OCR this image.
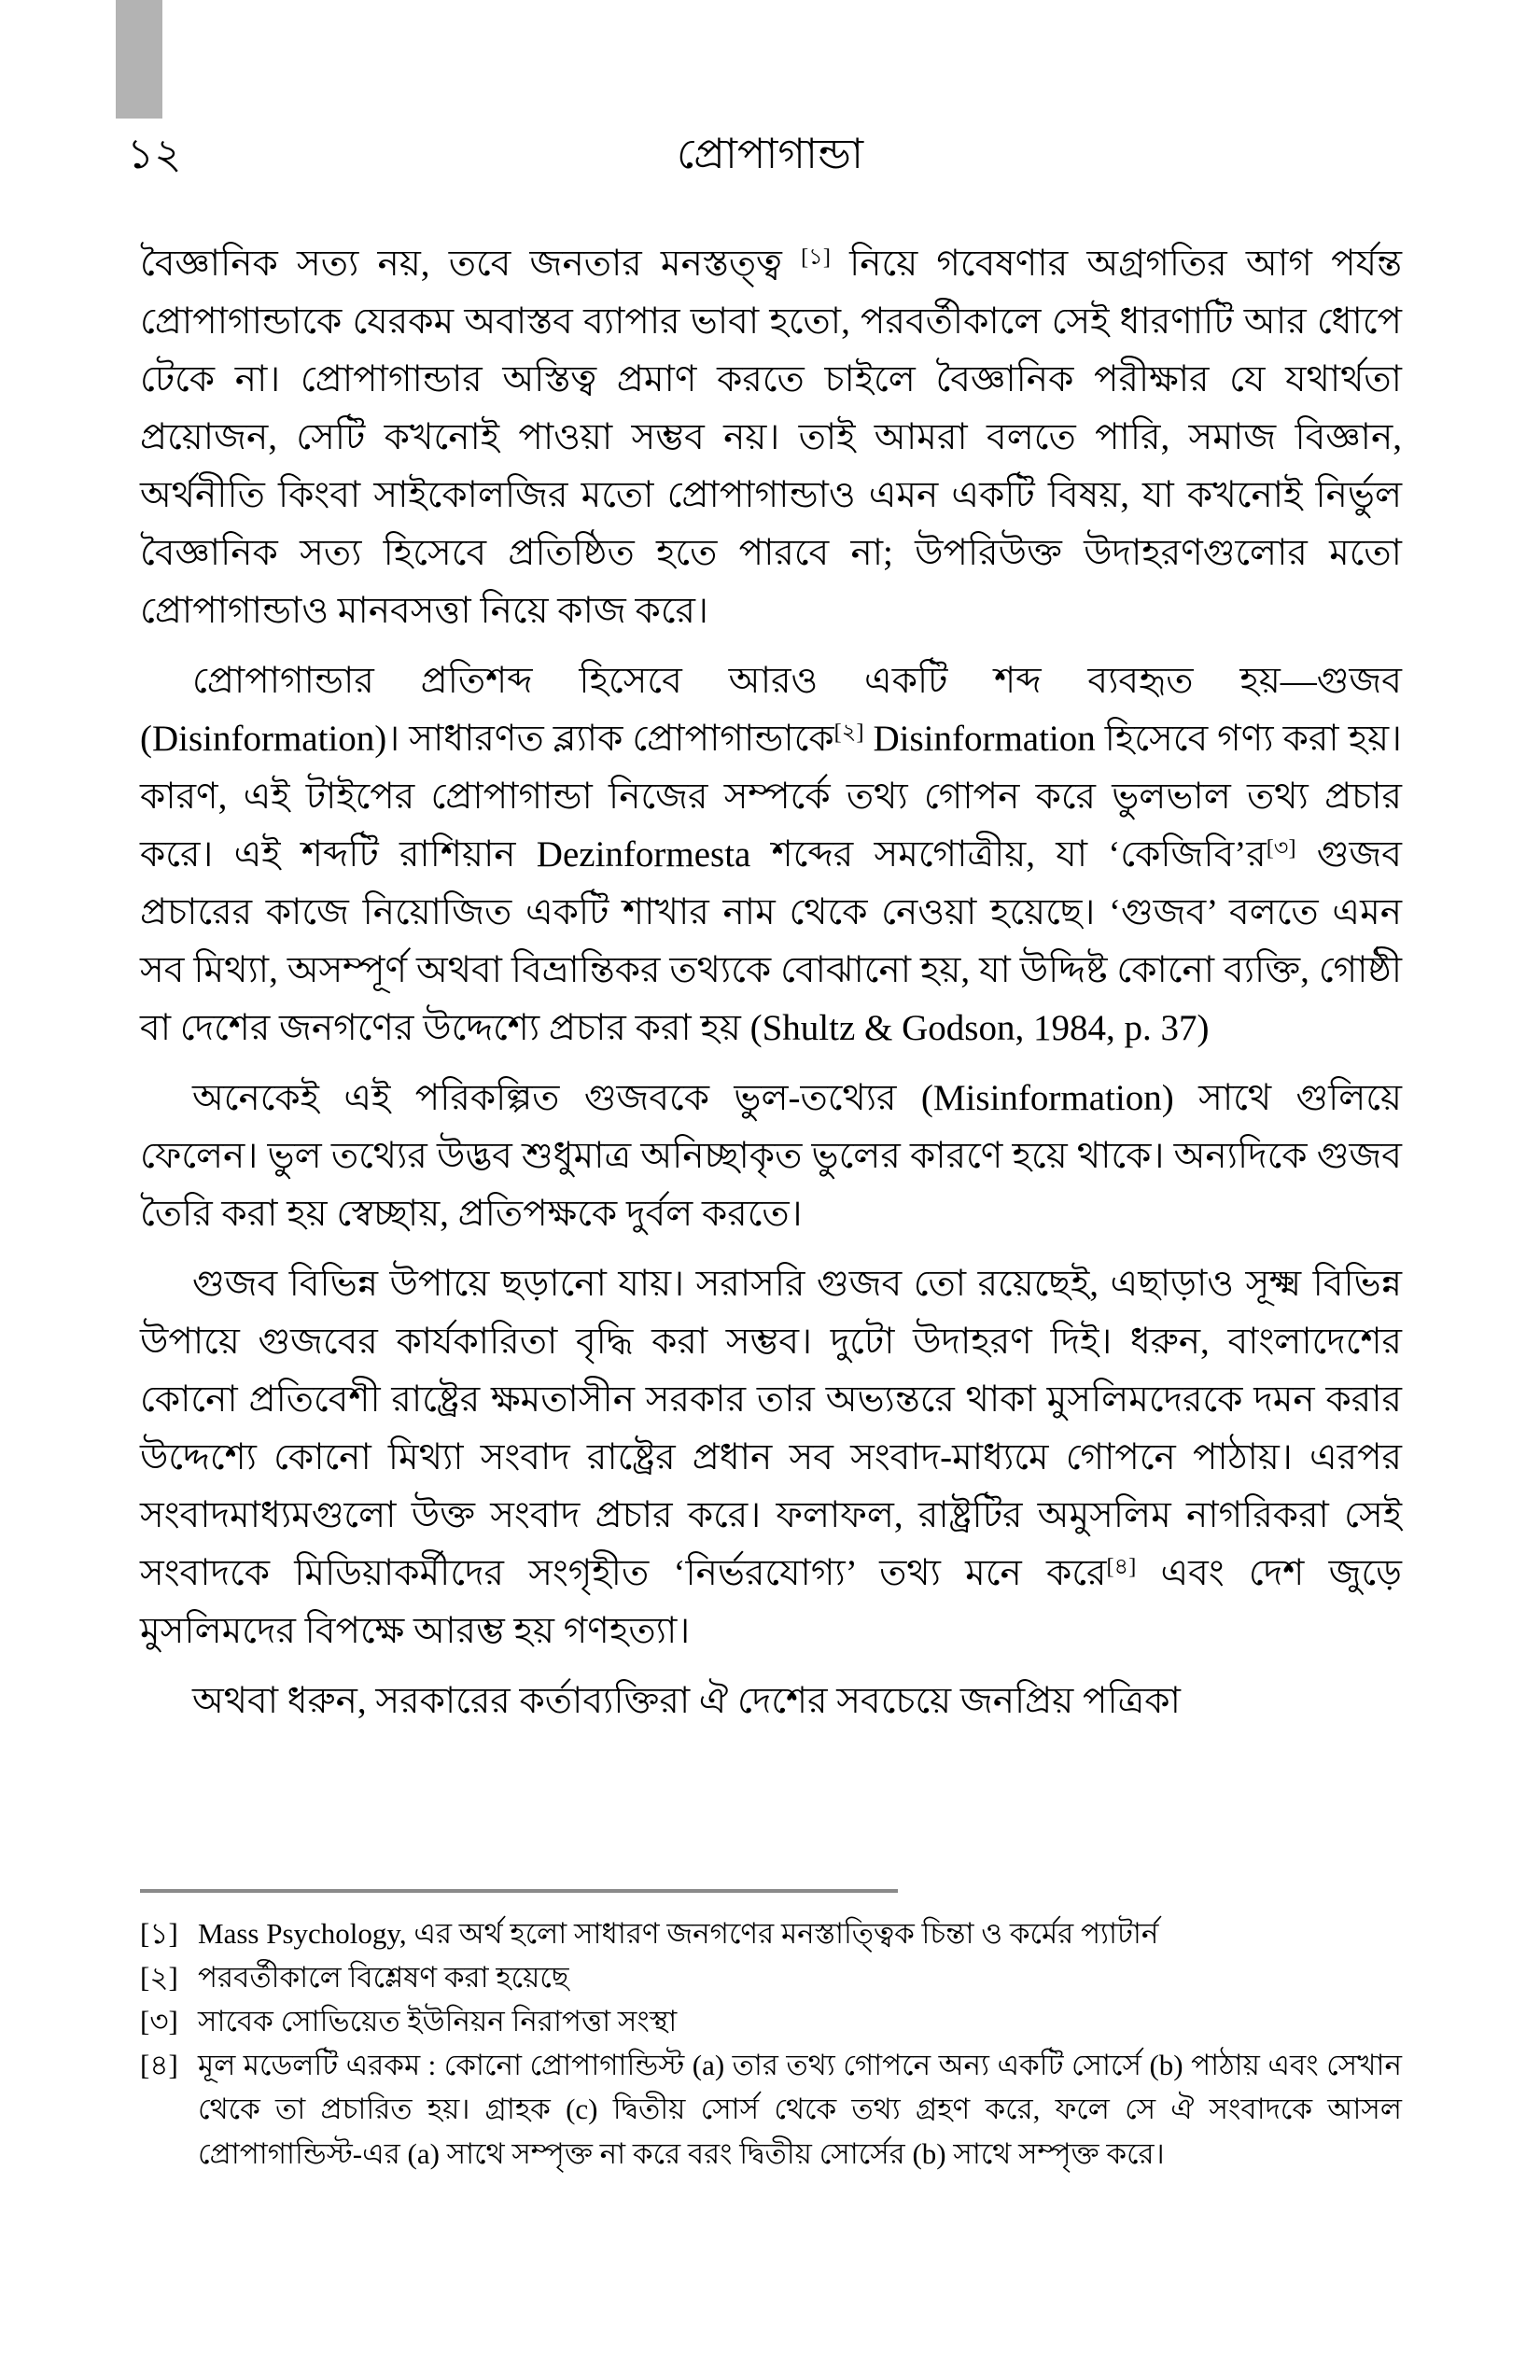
১২	প্রোপাগান্ডা

বৈজ্ঞানিক সত্য নয়, তবে জনতার মনস্তত্ত্ব [১] নিয়ে গবেষণার অগ্রগতির আগ পর্যন্ত প্রোপাগান্ডাকে যেরকম অবাস্তব ব্যাপার ভাবা হতো, পরবর্তীকালে সেই ধারণাটি আর ধোপে টেকে না। প্রোপাগান্ডার অস্তিত্ব প্রমাণ করতে চাইলে বৈজ্ঞানিক পরীক্ষার যে যথার্থতা প্রয়োজন, সেটি কখনোই পাওয়া সম্ভব নয়। তাই আমরা বলতে পারি, সমাজ বিজ্ঞান, অর্থনীতি কিংবা সাইকোলজির মতো প্রোপাগান্ডাও এমন একটি বিষয়, যা কখনোই নির্ভুল বৈজ্ঞানিক সত্য হিসেবে প্রতিষ্ঠিত হতে পারবে না; উপরিউক্ত উদাহরণগুলোর মতো প্রোপাগান্ডাও মানবসত্তা নিয়ে কাজ করে।

প্রোপাগান্ডার প্রতিশব্দ হিসেবে আরও একটি শব্দ ব্যবহৃত হয়—গুজব (Disinformation)। সাধারণত ব্ল্যাক প্রোপাগান্ডাকে[২] Disinformation হিসেবে গণ্য করা হয়। কারণ, এই টাইপের প্রোপাগান্ডা নিজের সম্পর্কে তথ্য গোপন করে ভুলভাল তথ্য প্রচার করে। এই শব্দটি রাশিয়ান Dezinformesta শব্দের সমগোত্রীয়, যা ‘কেজিবি’র[৩] গুজব প্রচারের কাজে নিয়োজিত একটি শাখার নাম থেকে নেওয়া হয়েছে। ‘গুজব’ বলতে এমন সব মিথ্যা, অসম্পূর্ণ অথবা বিভ্রান্তিকর তথ্যকে বোঝানো হয়, যা উদ্দিষ্ট কোনো ব্যক্তি, গোষ্ঠী বা দেশের জনগণের উদ্দেশ্যে প্রচার করা হয় (Shultz & Godson, 1984, p. 37)

অনেকেই এই পরিকল্পিত গুজবকে ভুল-তথ্যের (Misinformation) সাথে গুলিয়ে ফেলেন। ভুল তথ্যের উদ্ভব শুধুমাত্র অনিচ্ছাকৃত ভুলের কারণে হয়ে থাকে। অন্যদিকে গুজব তৈরি করা হয় স্বেচ্ছায়, প্রতিপক্ষকে দুর্বল করতে।

গুজব বিভিন্ন উপায়ে ছড়ানো যায়। সরাসরি গুজব তো রয়েছেই, এছাড়াও সূক্ষ্ম বিভিন্ন উপায়ে গুজবের কার্যকারিতা বৃদ্ধি করা সম্ভব। দুটো উদাহরণ দিই। ধরুন, বাংলাদেশের কোনো প্রতিবেশী রাষ্ট্রের ক্ষমতাসীন সরকার তার অভ্যন্তরে থাকা মুসলিমদেরকে দমন করার উদ্দেশ্যে কোনো মিথ্যা সংবাদ রাষ্ট্রের প্রধান সব সংবাদ-মাধ্যমে গোপনে পাঠায়। এরপর সংবাদমাধ্যমগুলো উক্ত সংবাদ প্রচার করে। ফলাফল, রাষ্ট্রটির অমুসলিম নাগরিকরা সেই সংবাদকে মিডিয়াকর্মীদের সংগৃহীত ‘নির্ভরযোগ্য’ তথ্য মনে করে[৪] এবং দেশ জুড়ে মুসলিমদের বিপক্ষে আরম্ভ হয় গণহত্যা।

অথবা ধরুন, সরকারের কর্তাব্যক্তিরা ঐ দেশের সবচেয়ে জনপ্রিয় পত্রিকা

[১] Mass Psychology, এর অর্থ হলো সাধারণ জনগণের মনস্তাত্ত্বিক চিন্তা ও কর্মের প্যাটার্ন
[২] পরবর্তীকালে বিশ্লেষণ করা হয়েছে
[৩] সাবেক সোভিয়েত ইউনিয়ন নিরাপত্তা সংস্থা
[৪] মূল মডেলটি এরকম : কোনো প্রোপাগান্ডিস্ট (a) তার তথ্য গোপনে অন্য একটি সোর্সে (b) পাঠায় এবং সেখান থেকে তা প্রচারিত হয়। গ্রাহক (c) দ্বিতীয় সোর্স থেকে তথ্য গ্রহণ করে, ফলে সে ঐ সংবাদকে আসল প্রোপাগান্ডিস্ট-এর (a) সাথে সম্পৃক্ত না করে বরং দ্বিতীয় সোর্সের (b) সাথে সম্পৃক্ত করে।
